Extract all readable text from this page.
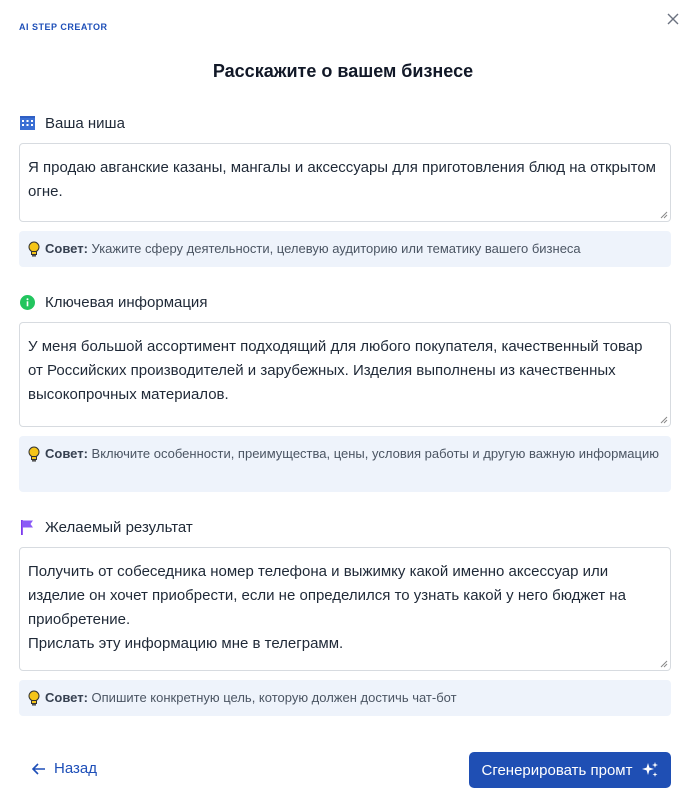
AI STEP CREATOR
Расскажите о вашем бизнесе
Ваша ниша
Я продаю авганские казаны, мангалы и аксессуары для приготовления блюд на открытом огне.
Совет: Укажите сферу деятельности, целевую аудиторию или тематику вашего бизнеса
Ключевая информация
У меня большой ассортимент подходящий для любого покупателя, качественный товар от Российских производителей и зарубежных. Изделия выполнены из качественных высокопрочных материалов.
Совет: Включите особенности, преимущества, цены, условия работы и другую важную информацию
Желаемый результат
Получить от собеседника номер телефона и выжимку какой именно аксессуар или изделие он хочет приобрести, если не определился то узнать какой у него бюджет на приобретение.
Прислать эту информацию мне в телеграмм.
Совет: Опишите конкретную цель, которую должен достичь чат-бот
Назад	Сгенерировать промт
